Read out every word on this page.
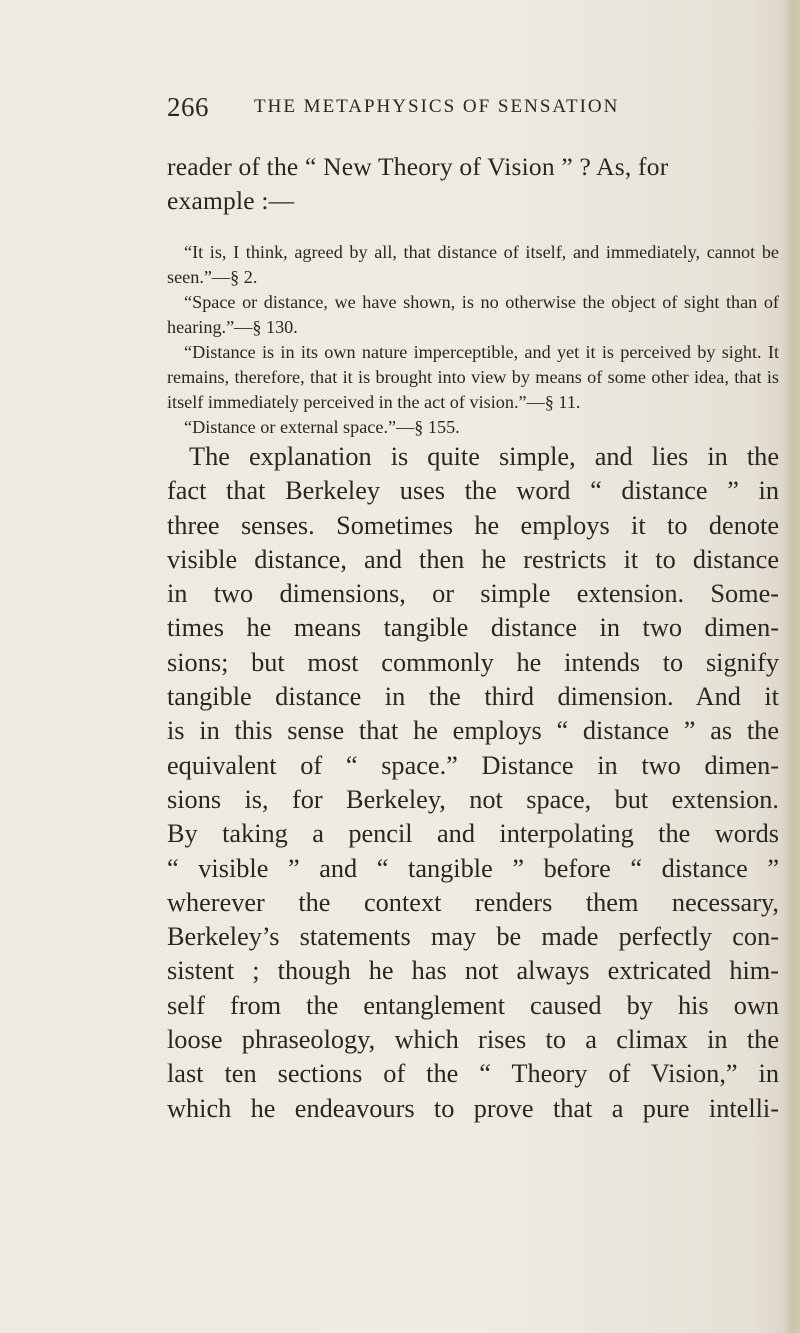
266 THE METAPHYSICS OF SENSATION
reader of the “ New Theory of Vision ” ? As, for
example :—

“It is, I think, agreed by all, that distance of itself, and immediately, cannot be seen.”—§ 2.

“Space or distance, we have shown, is no otherwise the object of sight than of hearing.”—§ 130.

“Distance is in its own nature imperceptible, and yet it is perceived by sight. It remains, therefore, that it is brought into view by means of some other idea, that is itself immediately perceived in the act of vision.”—§ 11.

“Distance or external space.”—§ 155.

The explanation is quite simple, and lies in the
fact that Berkeley uses the word “ distance ” in
three senses. Sometimes he employs it to denote
visible distance, and then he restricts it to distance
in two dimensions, or simple extension. Some-
times he means tangible distance in two dimen-
sions; but most commonly he intends to signify
tangible distance in the third dimension. And it
is in this sense that he employs “ distance ” as the
equivalent of “ space.” Distance in two dimen-
sions is, for Berkeley, not space, but extension.
By taking a pencil and interpolating the words
“ visible ” and “ tangible ” before “ distance ”
wherever the context renders them necessary,
Berkeley’s statements may be made perfectly con-
sistent ; though he has not always extricated him-
self from the entanglement caused by his own
loose phraseology, which rises to a climax in the
last ten sections of the “ Theory of Vision,” in
which he endeavours to prove that a pure intelli-
